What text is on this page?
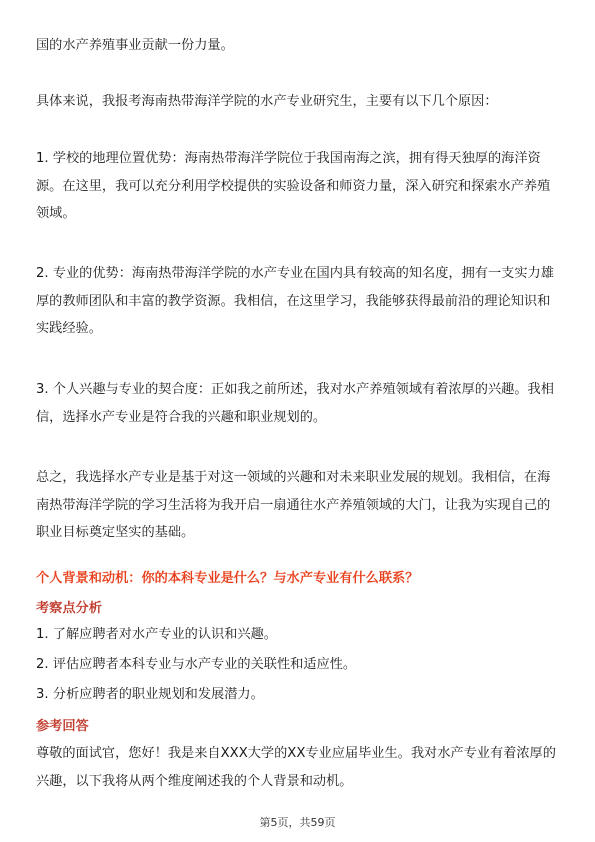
国的水产养殖事业贡献一份力量。

具体来说，我报考海南热带海洋学院的水产专业研究生，主要有以下几个原因：

1. 学校的地理位置优势：海南热带海洋学院位于我国南海之滨，拥有得天独厚的海洋资源。在这里，我可以充分利用学校提供的实验设备和师资力量，深入研究和探索水产养殖领域。

2. 专业的优势：海南热带海洋学院的水产专业在国内具有较高的知名度，拥有一支实力雄厚的教师团队和丰富的教学资源。我相信，在这里学习，我能够获得最前沿的理论知识和实践经验。

3. 个人兴趣与专业的契合度：正如我之前所述，我对水产养殖领域有着浓厚的兴趣。我相信，选择水产专业是符合我的兴趣和职业规划的。

总之，我选择水产专业是基于对这一领域的兴趣和对未来职业发展的规划。我相信，在海南热带海洋学院的学习生活将为我开启一扇通往水产养殖领域的大门，让我为实现自己的职业目标奠定坚实的基础。

个人背景和动机：你的本科专业是什么？与水产专业有什么联系？

考察点分析

1. 了解应聘者对水产专业的认识和兴趣。

2. 评估应聘者本科专业与水产专业的关联性和适应性。

3. 分析应聘者的职业规划和发展潜力。

参考回答

尊敬的面试官，您好！我是来自XXX大学的XX专业应届毕业生。我对水产专业有着浓厚的兴趣，以下我将从两个维度阐述我的个人背景和动机。

第5页，共59页
